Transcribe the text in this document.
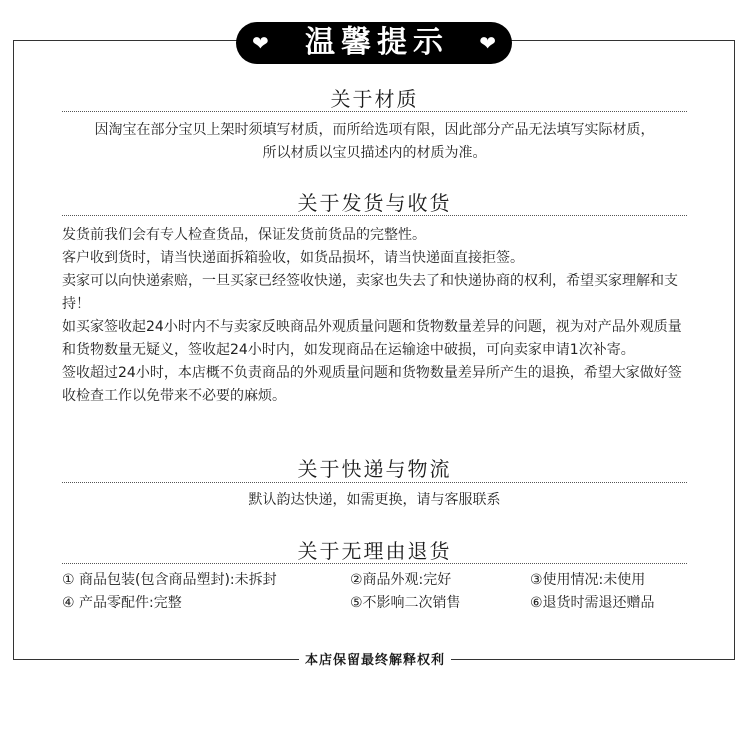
❤ 温馨提示 ❤
关于材质

因淘宝在部分宝贝上架时须填写材质，而所给选项有限，因此部分产品无法填写实际材质，

所以材质以宝贝描述内的材质为准。

关于发货与收货

发货前我们会有专人检查货品，保证发货前货品的完整性。

客户收到货时，请当快递面拆箱验收，如货品损坏，请当快递面直接拒签。

卖家可以向快递索赔，一旦买家已经签收快递，卖家也失去了和快递协商的权利，希望买家理解和支持！

如买家签收起24小时内不与卖家反映商品外观质量问题和货物数量差异的问题，视为对产品外观质量和货物数量无疑义，签收起24小时内，如发现商品在运输途中破损，可向卖家申请1次补寄。

签收超过24小时，本店概不负责商品的外观质量问题和货物数量差异所产生的退换，希望大家做好签收检查工作以免带来不必要的麻烦。

关于快递与物流

默认韵达快递，如需更换，请与客服联系

关于无理由退货
① 商品包装(包含商品塑封):未拆封	②商品外观:完好	③使用情况:未使用
④ 产品零配件:完整	⑤不影响二次销售	⑥退货时需退还赠品
本店保留最终解释权利
